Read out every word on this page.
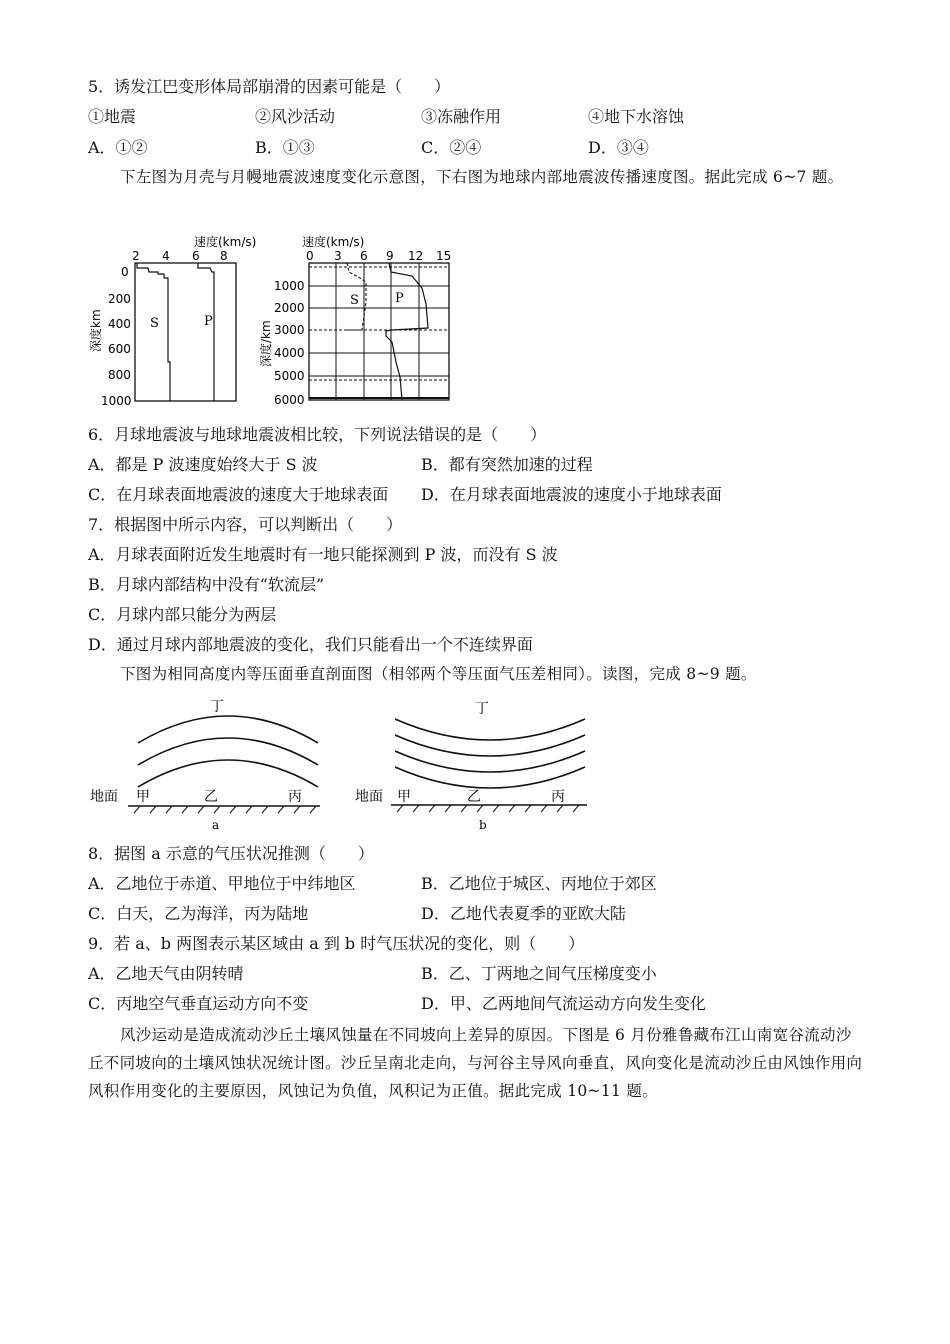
5．诱发江巴变形体局部崩滑的因素可能是（　　）
①地震	②风沙活动	③冻融作用	④地下水溶蚀
A．①②	B．①③	C．②④	D．③④
下左图为月壳与月幔地震波速度变化示意图，下右图为地球内部地震波传播速度图。据此完成 6~7 题。
速度(km/s)
2 4 6 8
S	P
0
200
400
600
800
1000
深度km
速度(km/s)
0 3 6 9 12 15
S	P
1000
2000
3000
4000
5000
6000
深度/km
6．月球地震波与地球地震波相比较，下列说法错误的是（　　）
A．都是 P 波速度始终大于 S 波	B．都有突然加速的过程
C．在月球表面地震波的速度大于地球表面 D．在月球表面地震波的速度小于地球表面
7．根据图中所示内容，可以判断出（　　）
A．月球表面附近发生地震时有一地只能探测到 P 波，而没有 S 波
B．月球内部结构中没有“软流层”
C．月球内部只能分为两层
D．通过月球内部地震波的变化，我们只能看出一个不连续界面
下图为相同高度内等压面垂直剖面图（相邻两个等压面气压差相同）。读图，完成 8~9 题。
丁
地面 甲	乙	丙
a
丁
地面 甲	乙	丙
b
8．据图 a 示意的气压状况推测（　　）
A．乙地位于赤道、甲地位于中纬地区	B．乙地位于城区、丙地位于郊区
C．白天，乙为海洋，丙为陆地	D．乙地代表夏季的亚欧大陆
9．若 a、b 两图表示某区域由 a 到 b 时气压状况的变化，则（　　）
A．乙地天气由阴转晴	B．乙、丁两地之间气压梯度变小
C．丙地空气垂直运动方向不变	D．甲、乙两地间气流运动方向发生变化
风沙运动是造成流动沙丘土壤风蚀量在不同坡向上差异的原因。下图是 6 月份雅鲁藏布江山南宽谷流动沙丘不同坡向的土壤风蚀状况统计图。沙丘呈南北走向，与河谷主导风向垂直，风向变化是流动沙丘由风蚀作用向风积作用变化的主要原因，风蚀记为负值，风积记为正值。据此完成 10~11 题。
